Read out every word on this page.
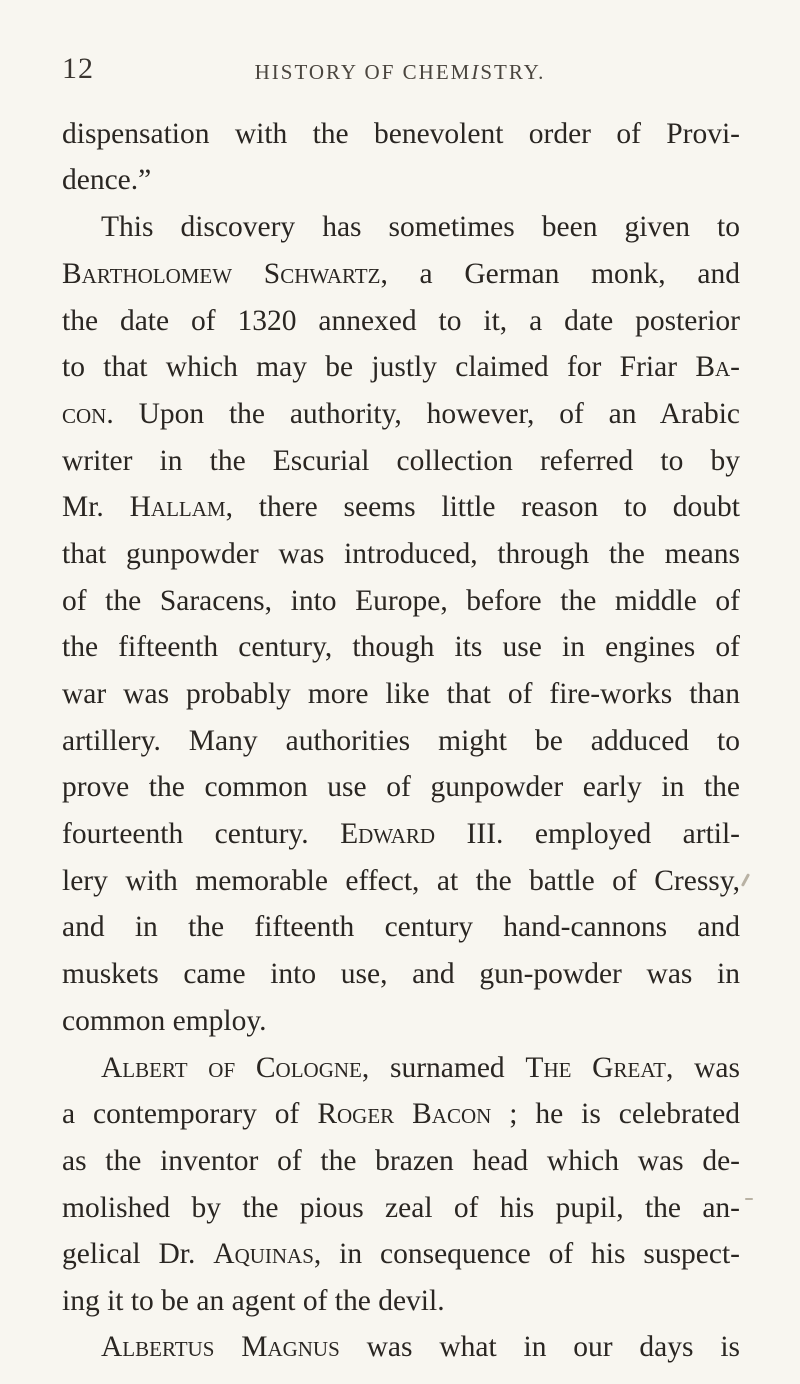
12	HISTORY OF CHEMISTRY.
dispensation with the benevolent order of Provi-
dence.”
This discovery has sometimes been given to
Bartholomew Schwartz, a German monk, and
the date of 1320 annexed to it, a date posterior
to that which may be justly claimed for Friar Ba-
con. Upon the authority, however, of an Arabic
writer in the Escurial collection referred to by
Mr. Hallam, there seems little reason to doubt
that gunpowder was introduced, through the means
of the Saracens, into Europe, before the middle of
the fifteenth century, though its use in engines of
war was probably more like that of fire-works than
artillery. Many authorities might be adduced to
prove the common use of gunpowder early in the
fourteenth century. Edward III. employed artil-
lery with memorable effect, at the battle of Cressy,
and in the fifteenth century hand-cannons and
muskets came into use, and gun-powder was in
common employ.
Albert of Cologne, surnamed The Great, was
a contemporary of Roger Bacon ; he is celebrated
as the inventor of the brazen head which was de-
molished by the pious zeal of his pupil, the an-
gelical Dr. Aquinas, in consequence of his suspect-
ing it to be an agent of the devil.
Albertus Magnus was what in our days is
